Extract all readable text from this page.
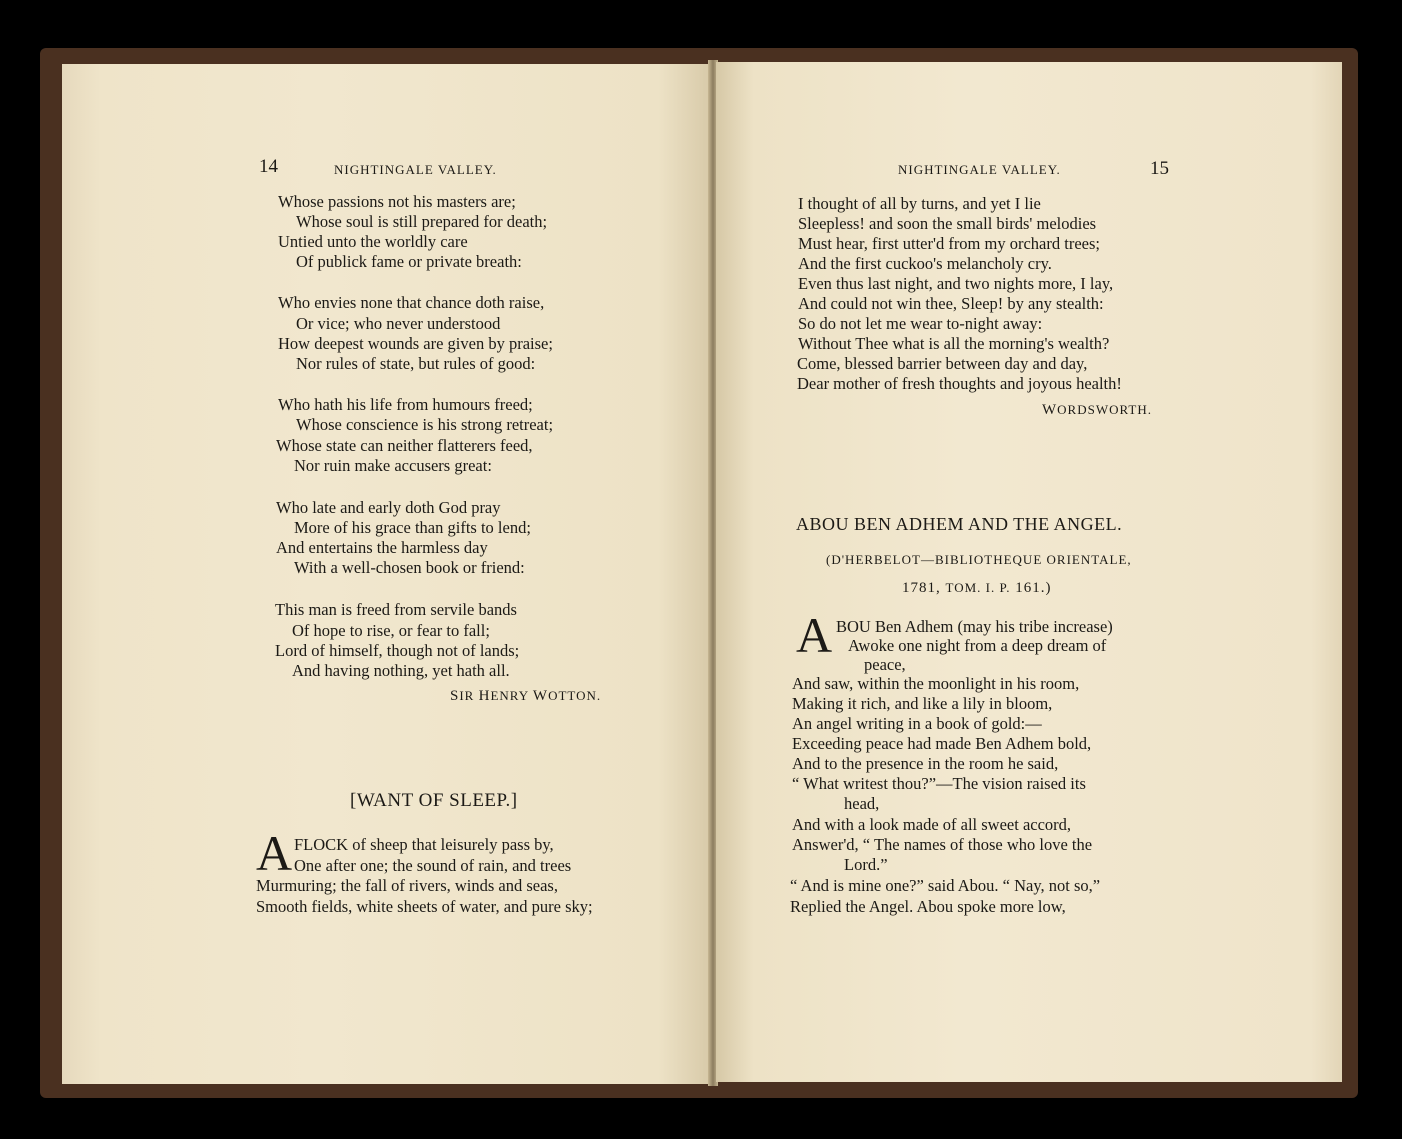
14	NIGHTINGALE VALLEY.
Whose passions not his masters are;
Whose soul is still prepared for death;
Untied unto the worldly care
Of publick fame or private breath:
Who envies none that chance doth raise,
Or vice; who never understood
How deepest wounds are given by praise;
Nor rules of state, but rules of good:
Who hath his life from humours freed;
Whose conscience is his strong retreat;
Whose state can neither flatterers feed,
Nor ruin make accusers great:
Who late and early doth God pray
More of his grace than gifts to lend;
And entertains the harmless day
With a well-chosen book or friend:
This man is freed from servile bands
Of hope to rise, or fear to fall;
Lord of himself, though not of lands;
And having nothing, yet hath all.
SIR HENRY WOTTON.
[WANT OF SLEEP.]
A FLOCK of sheep that leisurely pass by,
One after one; the sound of rain, and trees
Murmuring; the fall of rivers, winds and seas,
Smooth fields, white sheets of water, and pure sky;
NIGHTINGALE VALLEY.	15
I thought of all by turns, and yet I lie
Sleepless! and soon the small birds' melodies
Must hear, first utter'd from my orchard trees;
And the first cuckoo's melancholy cry.
Even thus last night, and two nights more, I lay,
And could not win thee, Sleep! by any stealth:
So do not let me wear to-night away:
Without Thee what is all the morning's wealth?
Come, blessed barrier between day and day,
Dear mother of fresh thoughts and joyous health!
WORDSWORTH.
ABOU BEN ADHEM AND THE ANGEL.
(D'HERBELOT—BIBLIOTHEQUE ORIENTALE,
1781, TOM. I. P. 161.)
A BOU Ben Adhem (may his tribe increase)
Awoke one night from a deep dream of
peace,
And saw, within the moonlight in his room,
Making it rich, and like a lily in bloom,
An angel writing in a book of gold:—
Exceeding peace had made Ben Adhem bold,
And to the presence in the room he said,
“ What writest thou?”—The vision raised its
head,
And with a look made of all sweet accord,
Answer'd, “ The names of those who love the
Lord.”
“ And is mine one?” said Abou. “ Nay, not so,”
Replied the Angel. Abou spoke more low,
